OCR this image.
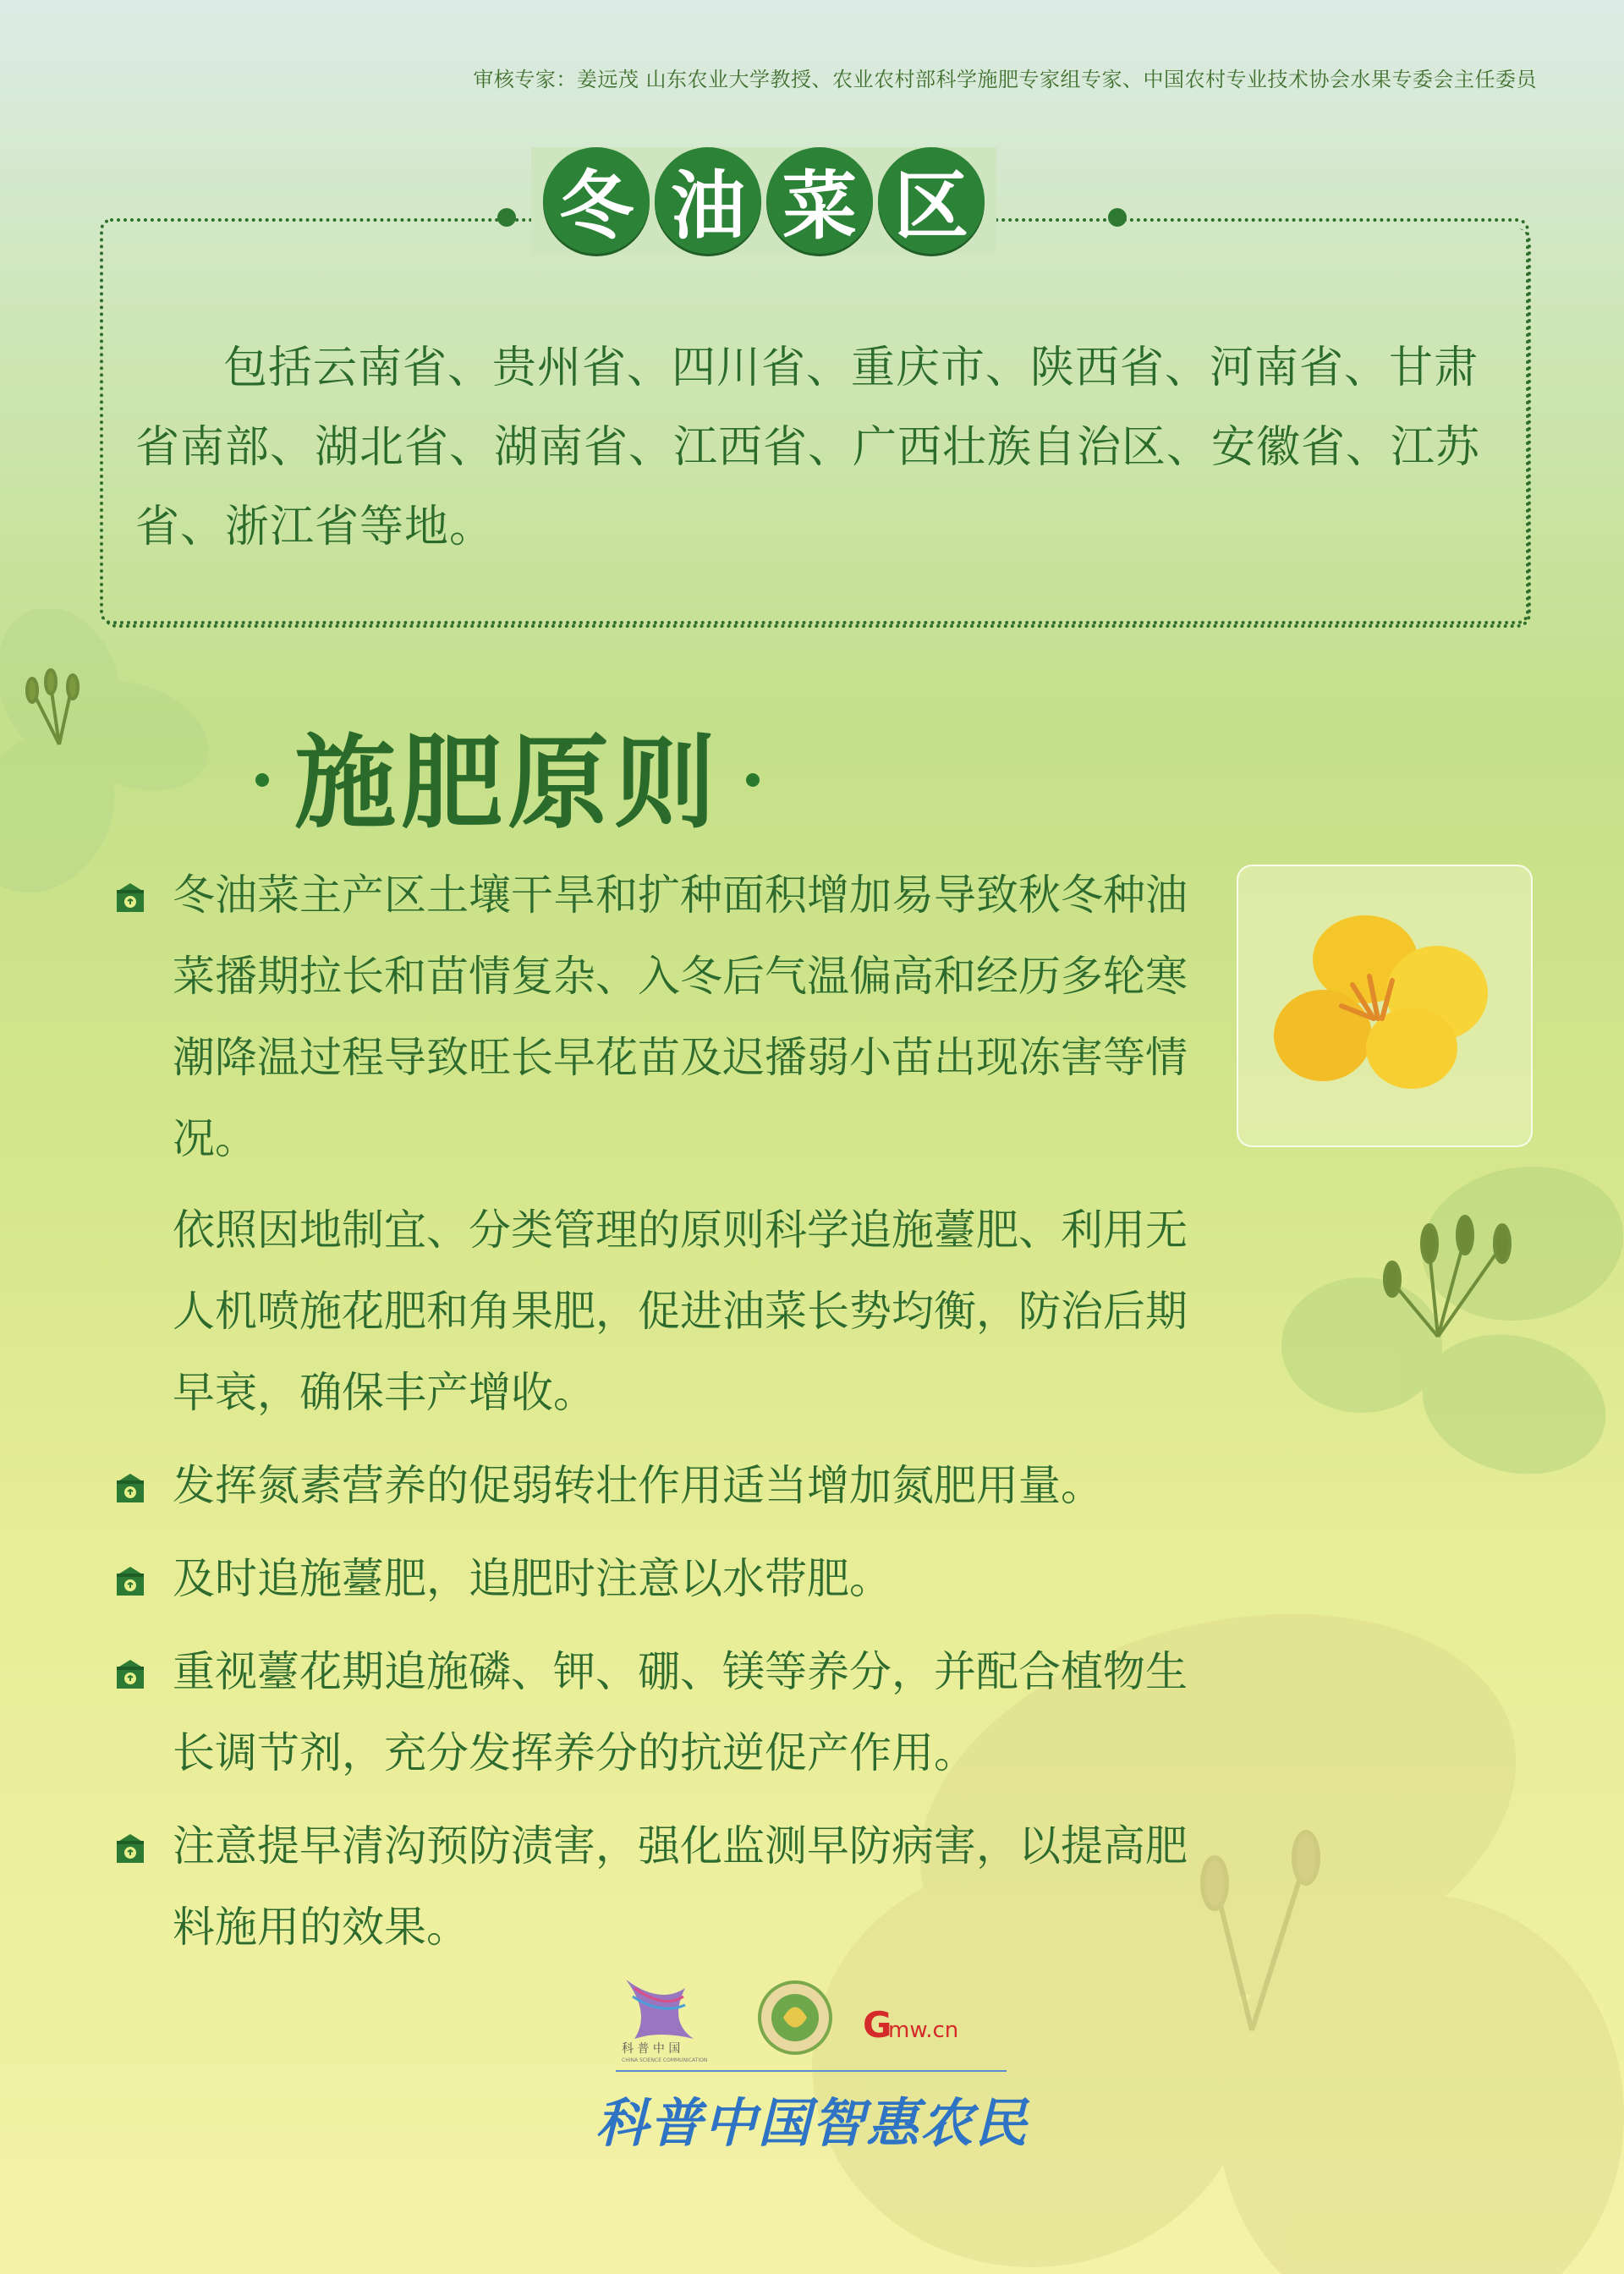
审核专家：姜远茂 山东农业大学教授、农业农村部科学施肥专家组专家、中国农村专业技术协会水果专委会主任委员
冬 油 菜 区
包括云南省、贵州省、四川省、重庆市、陕西省、河南省、甘肃省南部、湖北省、湖南省、江西省、广西壮族自治区、安徽省、江苏省、浙江省等地。
施肥原则
冬油菜主产区土壤干旱和扩种面积增加易导致秋冬种油菜播期拉长和苗情复杂、入冬后气温偏高和经历多轮寒潮降温过程导致旺长早花苗及迟播弱小苗出现冻害等情况。
依照因地制宜、分类管理的原则科学追施薹肥、利用无人机喷施花肥和角果肥，促进油菜长势均衡，防治后期早衰，确保丰产增收。
发挥氮素营养的促弱转壮作用适当增加氮肥用量。
及时追施薹肥，追肥时注意以水带肥。
重视薹花期追施磷、钾、硼、镁等养分，并配合植物生长调节剂，充分发挥养分的抗逆促产作用。
注意提早清沟预防渍害，强化监测早防病害，以提高肥料施用的效果。
科 普 中 国
CHINA SCIENCE COMMUNICATION
G
mw.cn
科普中国智惠农民
